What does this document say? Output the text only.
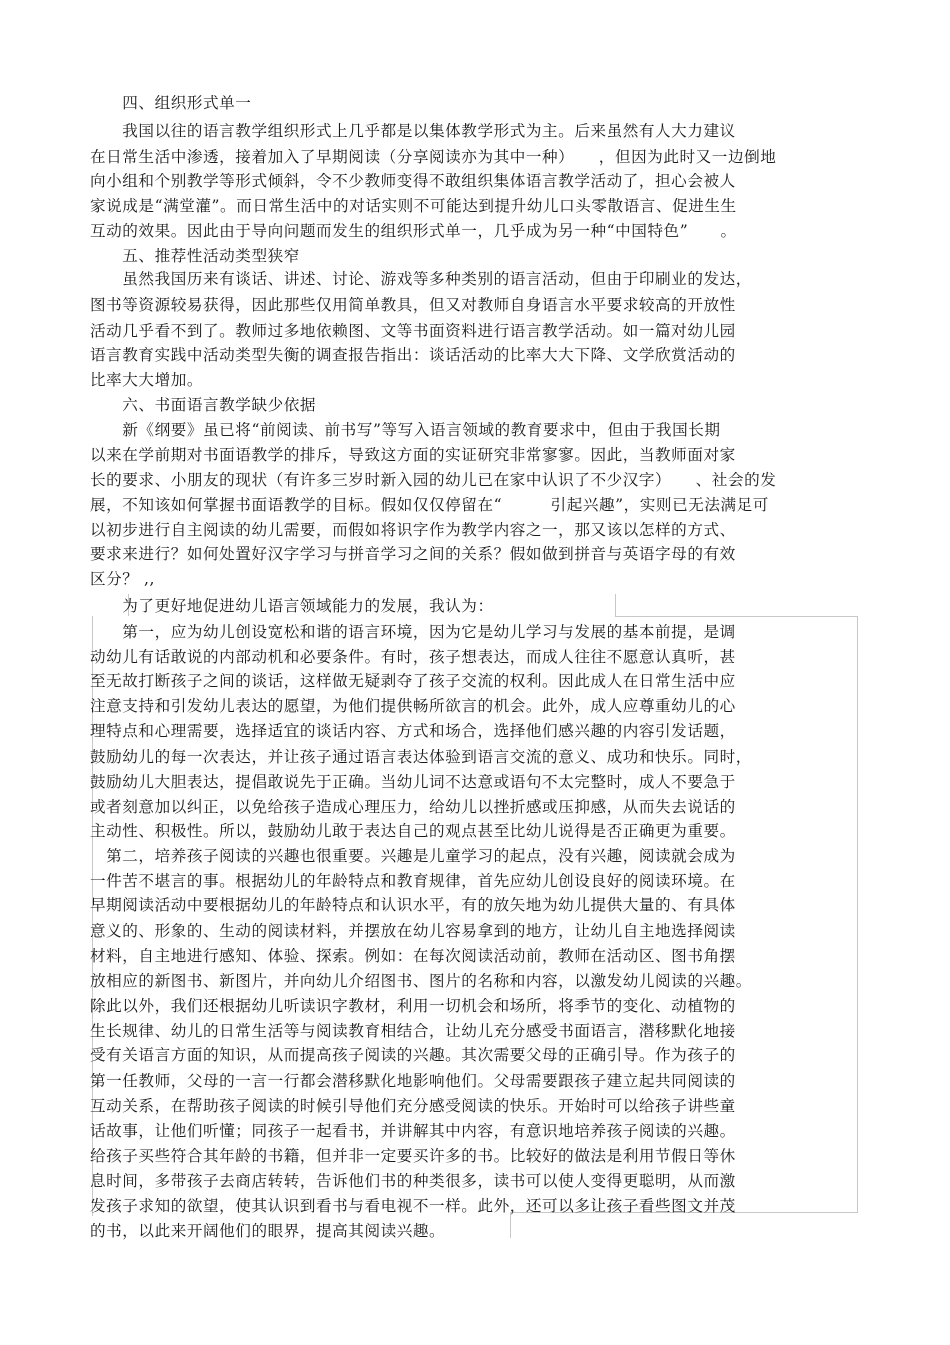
　　四、组织形式单一
　　我国以往的语言教学组织形式上几乎都是以集体教学形式为主。后来虽然有人大力建议
在日常生活中渗透，接着加入了早期阅读（分享阅读亦为其中一种）　　，但因为此时又一边倒地
向小组和个别教学等形式倾斜，令不少教师变得不敢组织集体语言教学活动了，担心会被人
家说成是“满堂灌”。而日常生活中的对话实则不可能达到提升幼儿口头零散语言、促进生生
互动的效果。因此由于导向问题而发生的组织形式单一，几乎成为另一种“中国特色”　　。
　　五、推荐性活动类型狭窄
　　虽然我国历来有谈话、讲述、讨论、游戏等多种类别的语言活动，但由于印刷业的发达，
图书等资源较易获得，因此那些仅用简单教具，但又对教师自身语言水平要求较高的开放性
活动几乎看不到了。教师过多地依赖图、文等书面资料进行语言教学活动。如一篇对幼儿园
语言教育实践中活动类型失衡的调查报告指出：谈话活动的比率大大下降、文学欣赏活动的
比率大大增加。
　　六、书面语言教学缺少依据
　　新《纲要》虽已将“前阅读、前书写”等写入语言领域的教育要求中，但由于我国长期
以来在学前期对书面语教学的排斥，导致这方面的实证研究非常寥寥。因此，当教师面对家
长的要求、小朋友的现状（有许多三岁时新入园的幼儿已在家中认识了不少汉字）　　、社会的发
展，不知该如何掌握书面语教学的目标。假如仅仅停留在“　　　引起兴趣”，实则已无法满足可
以初步进行自主阅读的幼儿需要，而假如将识字作为教学内容之一，那又该以怎样的方式、
要求来进行？如何处置好汉字学习与拼音学习之间的关系？假如做到拼音与英语字母的有效
区分？ ,,
　　为了更好地促进幼儿语言领域能力的发展，我认为：
　　第一，应为幼儿创设宽松和谐的语言环境，因为它是幼儿学习与发展的基本前提，是调
动幼儿有话敢说的内部动机和必要条件。有时，孩子想表达，而成人往往不愿意认真听，甚
至无故打断孩子之间的谈话，这样做无疑剥夺了孩子交流的权利。因此成人在日常生活中应
注意支持和引发幼儿表达的愿望，为他们提供畅所欲言的机会。此外，成人应尊重幼儿的心
理特点和心理需要，选择适宜的谈话内容、方式和场合，选择他们感兴趣的内容引发话题，
鼓励幼儿的每一次表达，并让孩子通过语言表达体验到语言交流的意义、成功和快乐。同时，
鼓励幼儿大胆表达，提倡敢说先于正确。当幼儿词不达意或语句不太完整时，成人不要急于
或者刻意加以纠正，以免给孩子造成心理压力，给幼儿以挫折感或压抑感，从而失去说话的
主动性、积极性。所以，鼓励幼儿敢于表达自己的观点甚至比幼儿说得是否正确更为重要。
　第二，培养孩子阅读的兴趣也很重要。兴趣是儿童学习的起点，没有兴趣，阅读就会成为
一件苦不堪言的事。根据幼儿的年龄特点和教育规律，首先应幼儿创设良好的阅读环境。在
早期阅读活动中要根据幼儿的年龄特点和认识水平，有的放矢地为幼儿提供大量的、有具体
意义的、形象的、生动的阅读材料，并摆放在幼儿容易拿到的地方，让幼儿自主地选择阅读
材料，自主地进行感知、体验、探索。例如：在每次阅读活动前，教师在活动区、图书角摆
放相应的新图书、新图片，并向幼儿介绍图书、图片的名称和内容，以激发幼儿阅读的兴趣。
除此以外，我们还根据幼儿听读识字教材，利用一切机会和场所，将季节的变化、动植物的
生长规律、幼儿的日常生活等与阅读教育相结合，让幼儿充分感受书面语言，潜移默化地接
受有关语言方面的知识，从而提高孩子阅读的兴趣。其次需要父母的正确引导。作为孩子的
第一任教师，父母的一言一行都会潜移默化地影响他们。父母需要跟孩子建立起共同阅读的
互动关系，在帮助孩子阅读的时候引导他们充分感受阅读的快乐。开始时可以给孩子讲些童
话故事，让他们听懂；同孩子一起看书，并讲解其中内容，有意识地培养孩子阅读的兴趣。
给孩子买些符合其年龄的书籍，但并非一定要买许多的书。比较好的做法是利用节假日等休
息时间，多带孩子去商店转转，告诉他们书的种类很多，读书可以使人变得更聪明，从而激
发孩子求知的欲望，使其认识到看书与看电视不一样。此外，还可以多让孩子看些图文并茂
的书，以此来开阔他们的眼界，提高其阅读兴趣。
